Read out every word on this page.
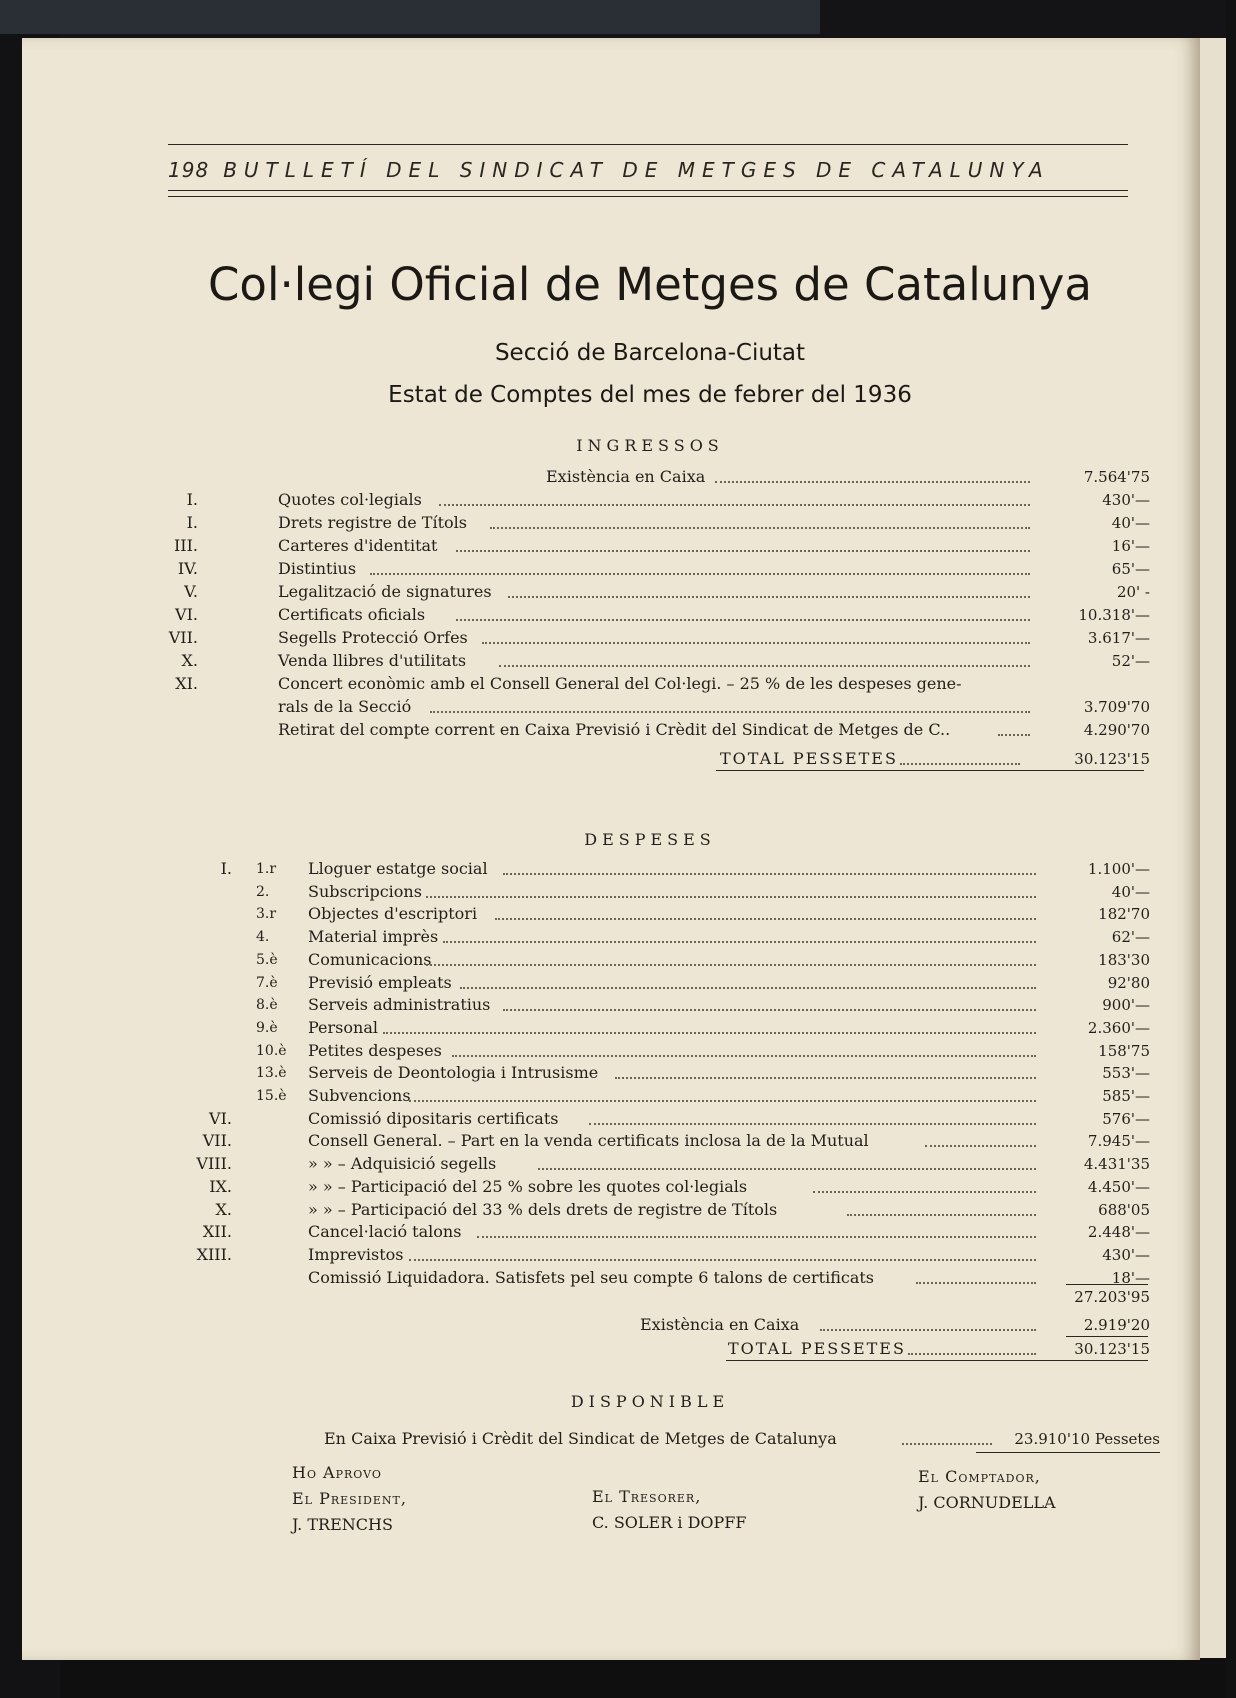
198 BUTLLETÍ DEL SINDICAT DE METGES DE CATALUNYA
Col·legi Oficial de Metges de Catalunya
Secció de Barcelona-Ciutat
Estat de Comptes del mes de febrer del 1936
INGRESSOS
Existència en Caixa	7.564'75
I.	Quotes col·legials	430'—
I.	Drets registre de Títols	40'—
III.	Carteres d'identitat	16'—
IV.	Distintius	65'—
V.	Legalització de signatures	20' -
VI.	Certificats oficials	10.318'—
VII.	Segells Protecció Orfes	3.617'—
X.	Venda llibres d'utilitats	52'—
XI.	Concert econòmic amb el Consell General del Col·legi. – 25 % de les despeses gene-
rals de la Secció	3.709'70
Retirat del compte corrent en Caixa Previsió i Crèdit del Sindicat de Metges de C..	4.290'70
TOTAL PESSETES	30.123'15
DESPESES
I. 1.r	Lloguer estatge social	1.100'—
2.	Subscripcions	40'—
3.r	Objectes d'escriptori	182'70
4.	Material imprès	62'—
5.è	Comunicacions	183'30
7.è	Previsió empleats	92'80
8.è	Serveis administratius	900'—
9.è	Personal	2.360'—
10.è	Petites despeses	158'75
13.è	Serveis de Deontologia i Intrusisme	553'—
15.è	Subvencions	585'—
VI.	Comissió dipositaris certificats	576'—
VII.	Consell General. – Part en la venda certificats inclosa la de la Mutual	7.945'—
VIII.	» » – Adquisició segells	4.431'35
IX.	» » – Participació del 25 % sobre les quotes col·legials	4.450'—
X.	» » – Participació del 33 % dels drets de registre de Títols	688'05
XII.	Cancel·lació talons	2.448'—
XIII.	Imprevistos	430'—
Comissió Liquidadora. Satisfets pel seu compte 6 talons de certificats	18'—
27.203'95
Existència en Caixa	2.919'20
TOTAL PESSETES	30.123'15
DISPONIBLE
En Caixa Previsió i Crèdit del Sindicat de Metges de Catalunya	23.910'10 Pessetes
Ho Aprovo
El President,
J. TRENCHS
El Tresorer,
C. SOLER i DOPFF
El Comptador,
J. CORNUDELLA
